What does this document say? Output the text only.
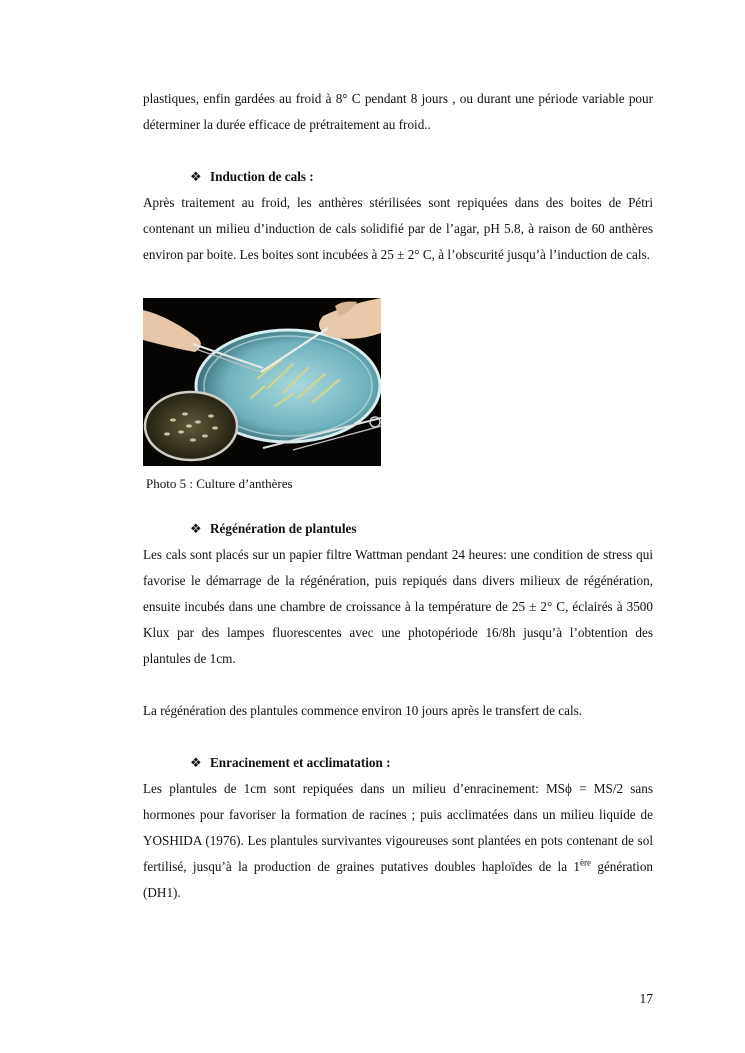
plastiques, enfin gardées au froid à 8° C pendant 8 jours , ou durant une période variable pour déterminer la durée efficace de prétraitement au froid..

❖ Induction de cals :

Après traitement au froid, les anthères stérilisées sont repiquées dans des boites de Pétri contenant un milieu d’induction de cals solidifié par de l’agar, pH 5.8, à raison de 60 anthères environ par boite. Les boites sont incubées à 25 ± 2° C, à l’obscurité jusqu’à l’induction de cals.

Photo 5 : Culture d’anthères
❖ Régénération de plantules

Les cals sont placés sur un papier filtre Wattman pendant 24 heures: une condition de stress qui favorise le démarrage de la régénération, puis repiqués dans divers milieux de régénération, ensuite incubés dans une chambre de croissance à la température de 25 ± 2° C, éclairés à 3500 Klux par des lampes fluorescentes avec une photopériode 16/8h jusqu’à l’obtention des plantules de 1cm.

La régénération des plantules commence environ 10 jours après le transfert de cals.

❖ Enracinement et acclimatation :

Les plantules de 1cm sont repiquées dans un milieu d’enracinement: MSϕ = MS/2 sans hormones pour favoriser la formation de racines ; puis acclimatées dans un milieu liquide de YOSHIDA (1976). Les plantules survivantes vigoureuses sont plantées en pots contenant de sol fertilisé, jusqu’à la production de graines putatives doubles haploïdes de la 1ère génération (DH1).

17
